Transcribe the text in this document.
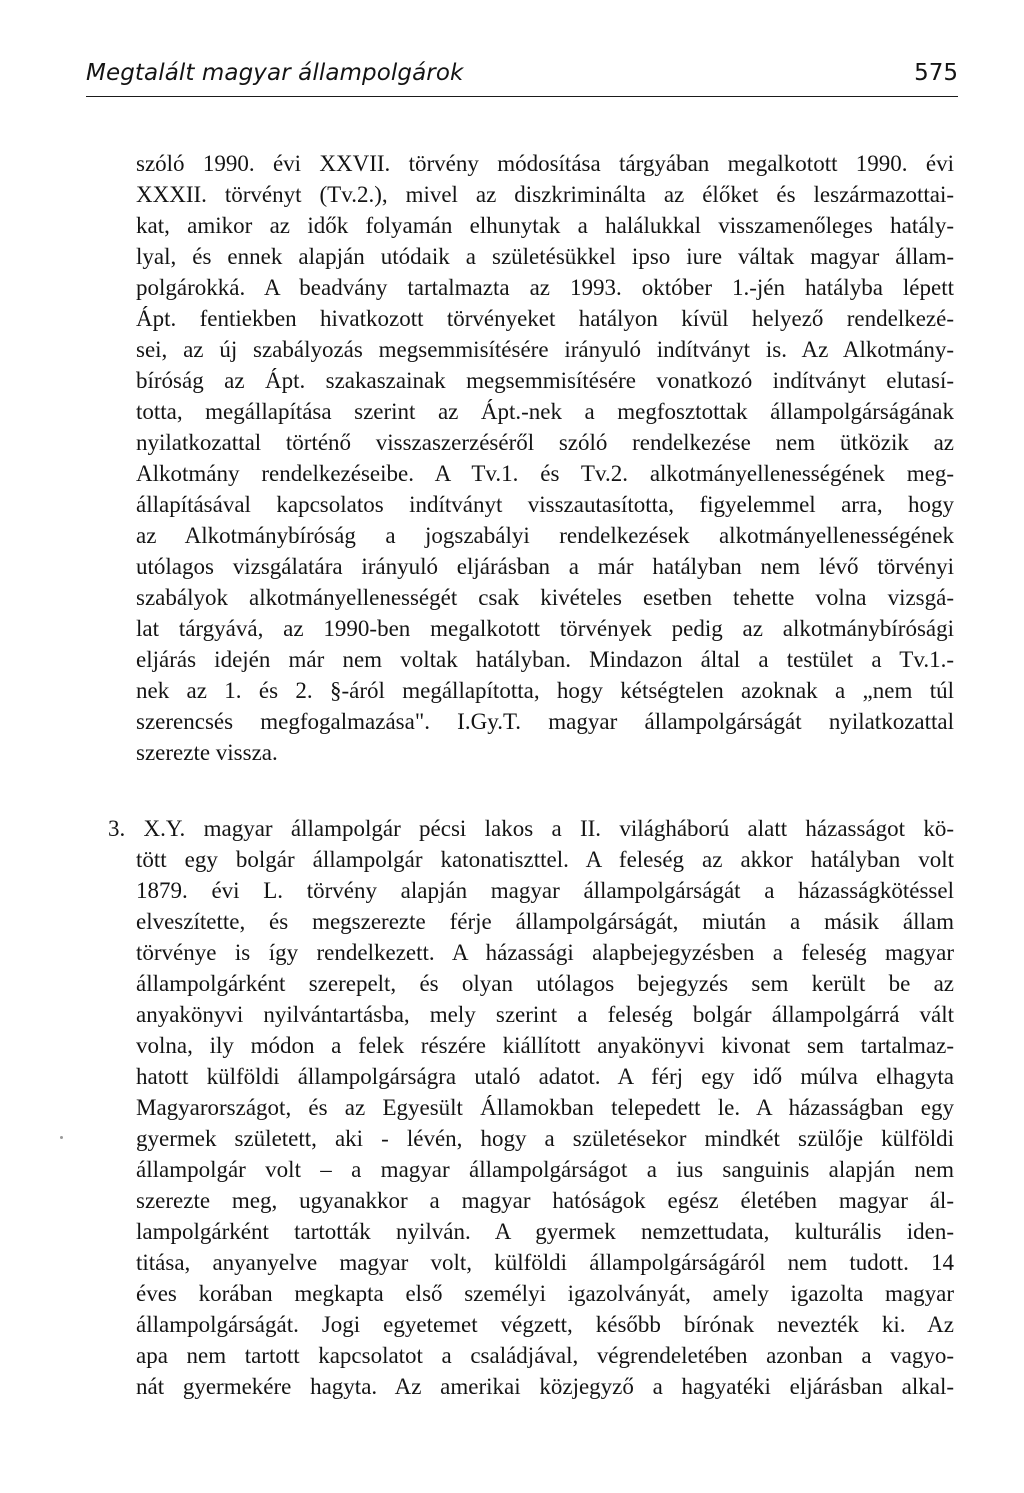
Megtalált magyar állampolgárok	575
szóló 1990. évi XXVII. törvény módosítása tárgyában megalkotott 1990. évi
XXXII. törvényt (Tv.2.), mivel az diszkriminálta az élőket és leszármazottai-
kat, amikor az idők folyamán elhunytak a halálukkal visszamenőleges hatály-
lyal, és ennek alapján utódaik a születésükkel ipso iure váltak magyar állam-
polgárokká. A beadvány tartalmazta az 1993. október 1.-jén hatályba lépett
Ápt. fentiekben hivatkozott törvényeket hatályon kívül helyező rendelkezé-
sei, az új szabályozás megsemmisítésére irányuló indítványt is. Az Alkotmány-
bíróság az Ápt. szakaszainak megsemmisítésére vonatkozó indítványt elutasí-
totta, megállapítása szerint az Ápt.-nek a megfosztottak állampolgárságának
nyilatkozattal történő visszaszerzéséről szóló rendelkezése nem ütközik az
Alkotmány rendelkezéseibe. A Tv.1. és Tv.2. alkotmányellenességének meg-
állapításával kapcsolatos indítványt visszautasította, figyelemmel arra, hogy
az Alkotmánybíróság a jogszabályi rendelkezések alkotmányellenességének
utólagos vizsgálatára irányuló eljárásban a már hatályban nem lévő törvényi
szabályok alkotmányellenességét csak kivételes esetben tehette volna vizsgá-
lat tárgyává, az 1990-ben megalkotott törvények pedig az alkotmánybírósági
eljárás idején már nem voltak hatályban. Mindazon által a testület a Tv.1.-
nek az 1. és 2. §-áról megállapította, hogy kétségtelen azoknak a „nem túl
szerencsés megfogalmazása". I.Gy.T. magyar állampolgárságát nyilatkozattal
szerezte vissza.
3. X.Y. magyar állampolgár pécsi lakos a II. világháború alatt házasságot kö-
tött egy bolgár állampolgár katonatiszttel. A feleség az akkor hatályban volt
1879. évi L. törvény alapján magyar állampolgárságát a házasságkötéssel
elveszítette, és megszerezte férje állampolgárságát, miután a másik állam
törvénye is így rendelkezett. A házassági alapbejegyzésben a feleség magyar
állampolgárként szerepelt, és olyan utólagos bejegyzés sem került be az
anyakönyvi nyilvántartásba, mely szerint a feleség bolgár állampolgárrá vált
volna, ily módon a felek részére kiállított anyakönyvi kivonat sem tartalmaz-
hatott külföldi állampolgárságra utaló adatot. A férj egy idő múlva elhagyta
Magyarországot, és az Egyesült Államokban telepedett le. A házasságban egy
gyermek született, aki - lévén, hogy a születésekor mindkét szülője külföldi
állampolgár volt – a magyar állampolgárságot a ius sanguinis alapján nem
szerezte meg, ugyanakkor a magyar hatóságok egész életében magyar ál-
lampolgárként tartották nyilván. A gyermek nemzettudata, kulturális iden-
titása, anyanyelve magyar volt, külföldi állampolgárságáról nem tudott. 14
éves korában megkapta első személyi igazolványát, amely igazolta magyar
állampolgárságát. Jogi egyetemet végzett, később bírónak nevezték ki. Az
apa nem tartott kapcsolatot a családjával, végrendeletében azonban a vagyo-
nát gyermekére hagyta. Az amerikai közjegyző a hagyatéki eljárásban alkal-
